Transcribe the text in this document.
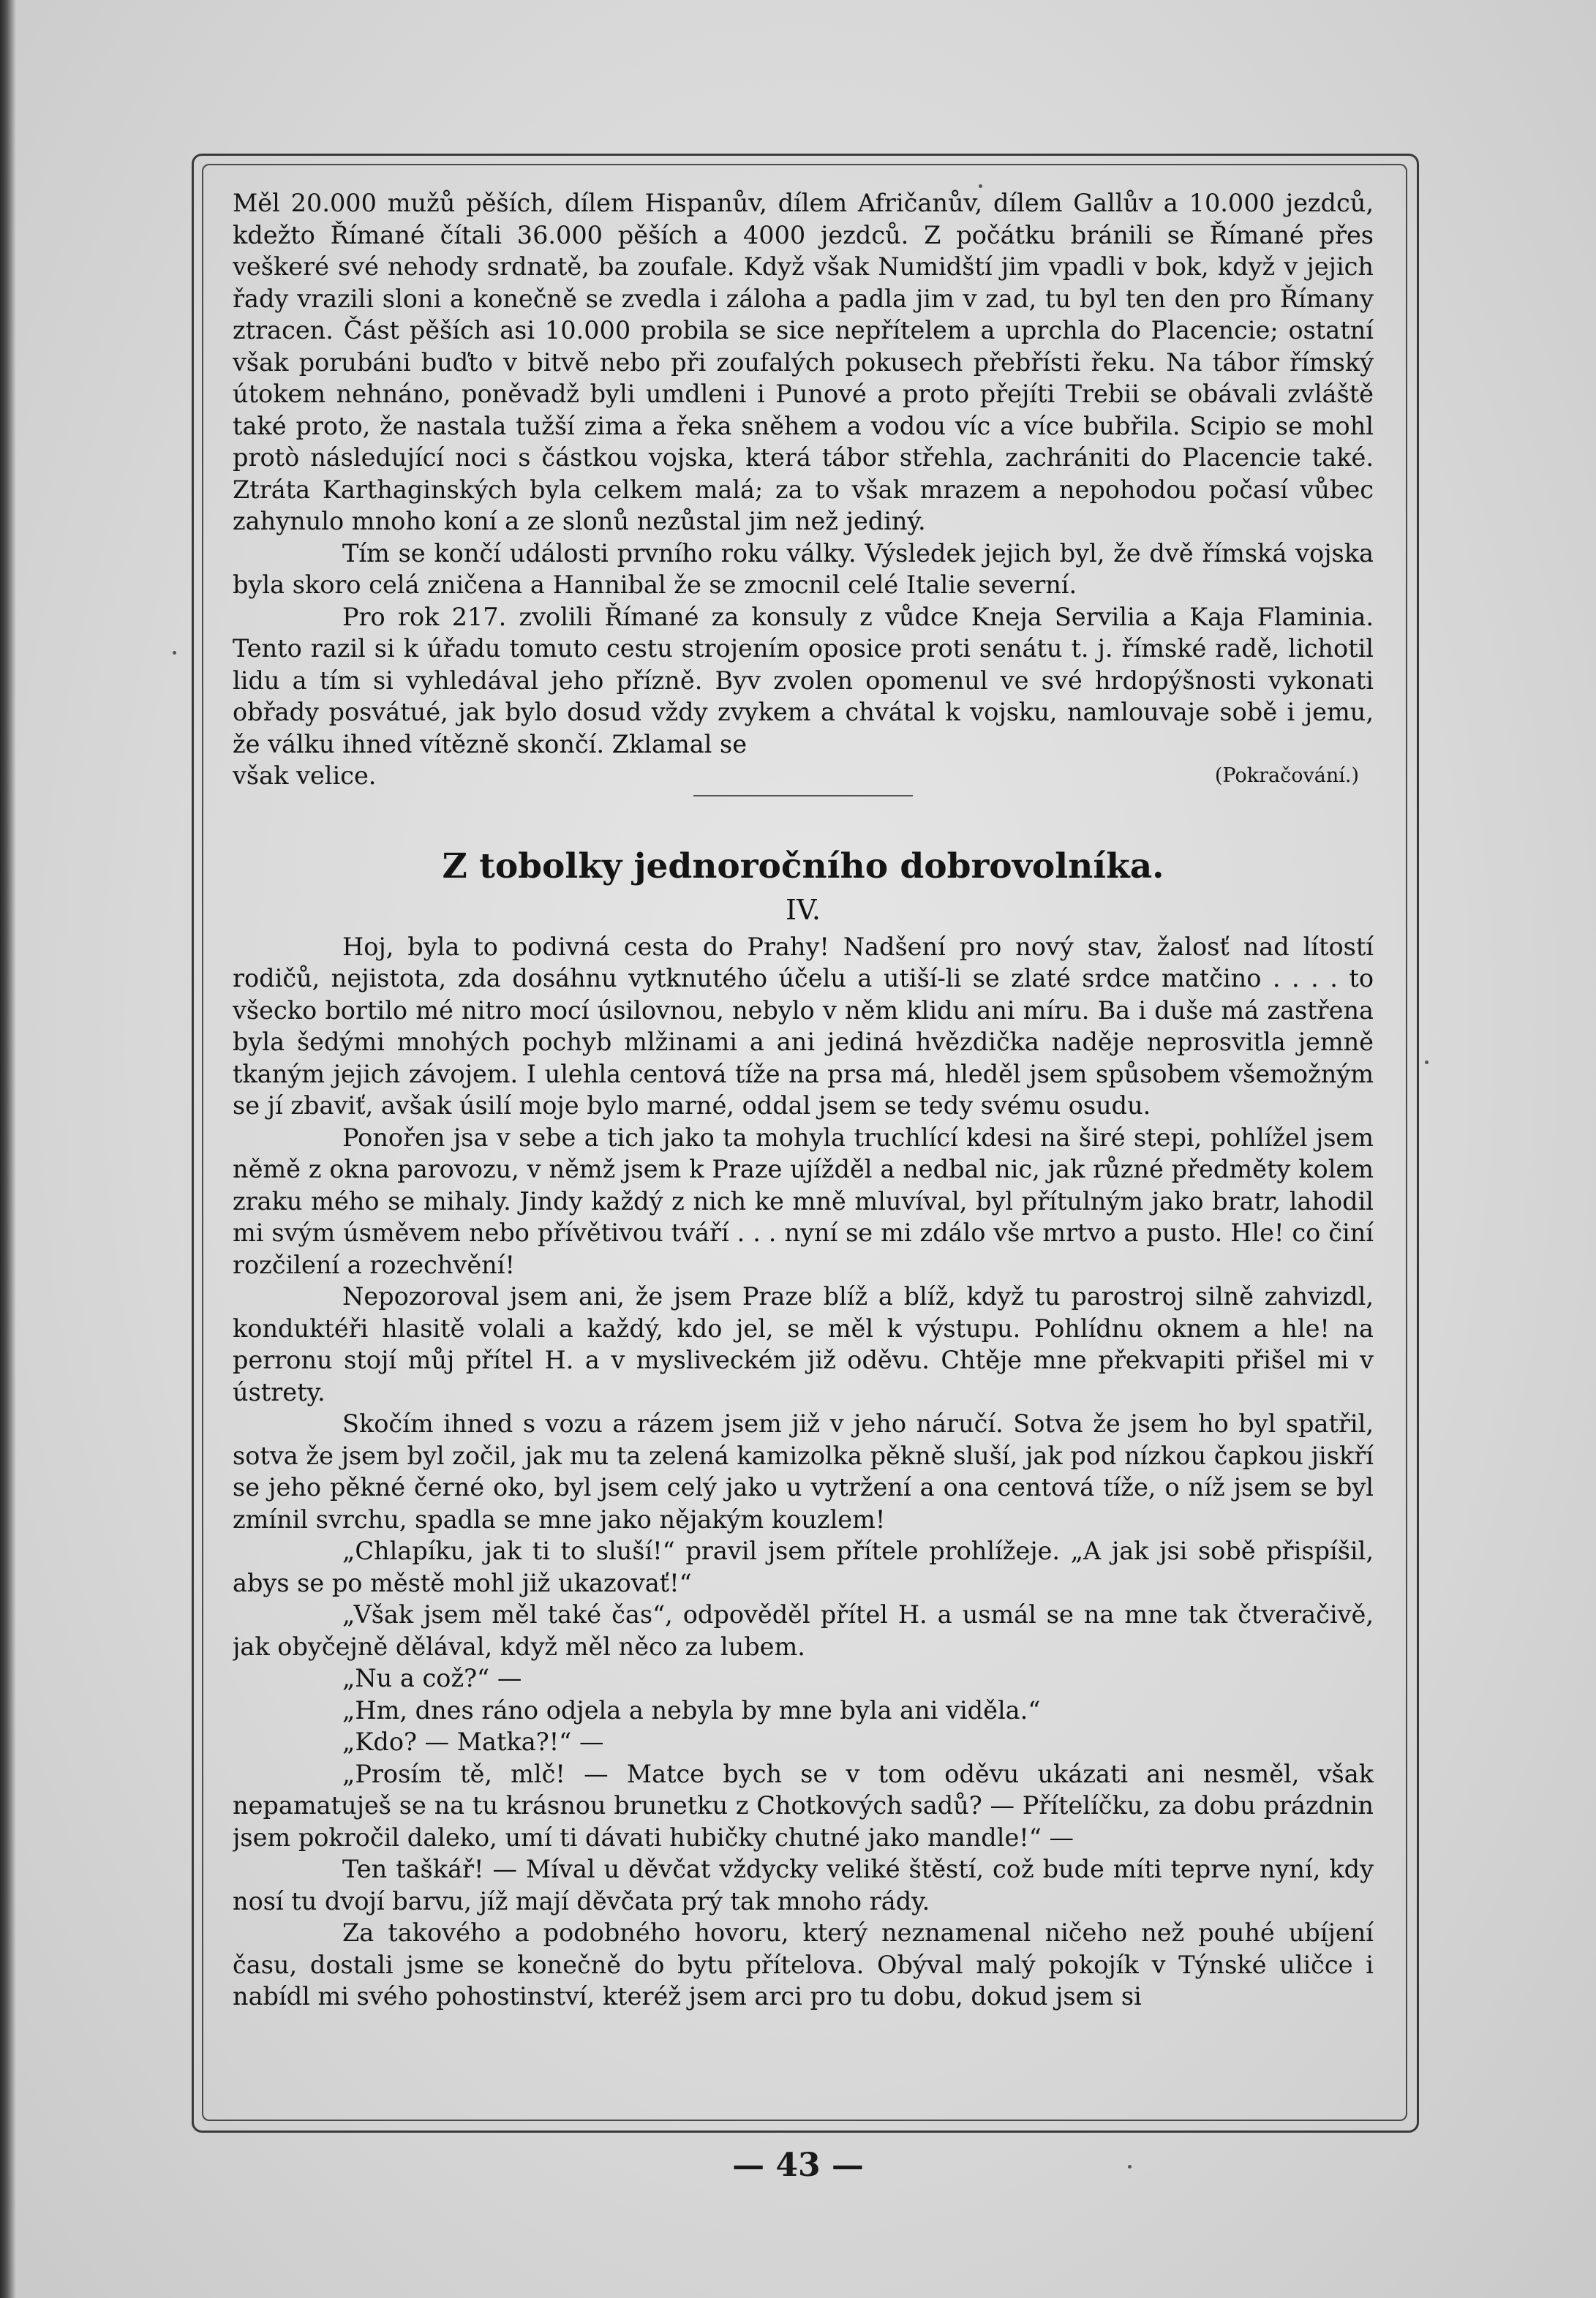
Měl 20.000 mužů pěších, dílem Hispanův, dílem Afričanův, dílem Gallův a 10.000 jezdců, kdežto Římané čítali 36.000 pěších a 4000 jezdců. Z počátku bránili se Římané přes veškeré své nehody srdnatě, ba zoufale. Když však Numidští jim vpadli v bok, když v jejich řady vrazili sloni a konečně se zvedla i záloha a padla jim v zad, tu byl ten den pro Římany ztracen. Část pěších asi 10.000 probila se sice nepřítelem a uprchla do Placencie; ostatní však porubáni buďto v bitvě nebo při zoufalých pokusech přebřísti řeku. Na tábor římský útokem nehnáno, poněvadž byli umdleni i Punové a proto přejíti Trebii se obávali zvláště také proto, že nastala tužší zima a řeka sněhem a vodou víc a více bubřila. Scipio se mohl protò následující noci s částkou vojska, která tábor střehla, zachrániti do Placencie také. Ztráta Karthaginských byla celkem malá; za to však mrazem a nepohodou počasí vůbec zahynulo mnoho koní a ze slonů nezůstal jim než jediný.

Tím se končí události prvního roku války. Výsledek jejich byl, že dvě římská vojska byla skoro celá zničena a Hannibal že se zmocnil celé Italie severní.

Pro rok 217. zvolili Římané za konsuly z vůdce Kneja Servilia a Kaja Flaminia. Tento razil si k úřadu tomuto cestu strojením oposice proti senátu t. j. římské radě, lichotil lidu a tím si vyhledával jeho přízně. Byv zvolen opomenul ve své hrdopýšnosti vykonati obřady posvátué, jak bylo dosud vždy zvykem a chvátal k vojsku, namlouvaje sobě i jemu, že válku ihned vítězně skončí. Zklamal se

však velice.	(Pokračování.)
Z tobolky jednoročního dobrovolníka.
IV.

Hoj, byla to podivná cesta do Prahy! Nadšení pro nový stav, žalosť nad lítostí rodičů, nejistota, zda dosáhnu vytknutého účelu a utiší-li se zlaté srdce matčino . . . . to všecko bortilo mé nitro mocí úsilovnou, nebylo v něm klidu ani míru. Ba i duše má zastřena byla šedými mnohých pochyb mlžinami a ani jediná hvězdička naděje neprosvitla jemně tkaným jejich závojem. I ulehla centová tíže na prsa má, hleděl jsem spůsobem všemožným se jí zbaviť, avšak úsilí moje bylo marné, oddal jsem se tedy svému osudu.

Ponořen jsa v sebe a tich jako ta mohyla truchlící kdesi na širé stepi, pohlížel jsem němě z okna parovozu, v němž jsem k Praze ujížděl a nedbal nic, jak různé předměty kolem zraku mého se mihaly. Jindy každý z nich ke mně mluvíval, byl přítulným jako bratr, lahodil mi svým úsměvem nebo přívětivou tváří . . . nyní se mi zdálo vše mrtvo a pusto. Hle! co činí rozčilení a rozechvění!

Nepozoroval jsem ani, že jsem Praze blíž a blíž, když tu parostroj silně zahvizdl, konduktéři hlasitě volali a každý, kdo jel, se měl k výstupu. Pohlídnu oknem a hle! na perronu stojí můj přítel H. a v mysliveckém již oděvu. Chtěje mne překvapiti přišel mi v ústrety.

Skočím ihned s vozu a rázem jsem již v jeho náručí. Sotva že jsem ho byl spatřil, sotva že jsem byl zočil, jak mu ta zelená kamizolka pěkně sluší, jak pod nízkou čapkou jiskří se jeho pěkné černé oko, byl jsem celý jako u vytržení a ona centová tíže, o níž jsem se byl zmínil svrchu, spadla se mne jako nějakým kouzlem!

„Chlapíku, jak ti to sluší!“ pravil jsem přítele prohlížeje. „A jak jsi sobě přispíšil, abys se po městě mohl již ukazovať!“

„Však jsem měl také čas“, odpověděl přítel H. a usmál se na mne tak čtveračivě, jak obyčejně dělával, když měl něco za lubem.

„Nu a což?“ —

„Hm, dnes ráno odjela a nebyla by mne byla ani viděla.“

„Kdo? — Matka?!“ —

„Prosím tě, mlč! — Matce bych se v tom oděvu ukázati ani nesměl, však nepamatuješ se na tu krásnou brunetku z Chotkových sadů? — Přítelíčku, za dobu prázdnin jsem pokročil daleko, umí ti dávati hubičky chutné jako mandle!“ —

Ten taškář! — Míval u děvčat vždycky veliké štěstí, což bude míti teprve nyní, kdy nosí tu dvojí barvu, jíž mají děvčata prý tak mnoho rády.

Za takového a podobného hovoru, který neznamenal ničeho než pouhé ubíjení času, dostali jsme se konečně do bytu přítelova. Obýval malý pokojík v Týnské uličce i nabídl mi svého pohostinství, kteréž jsem arci pro tu dobu, dokud jsem si

— 43 —
